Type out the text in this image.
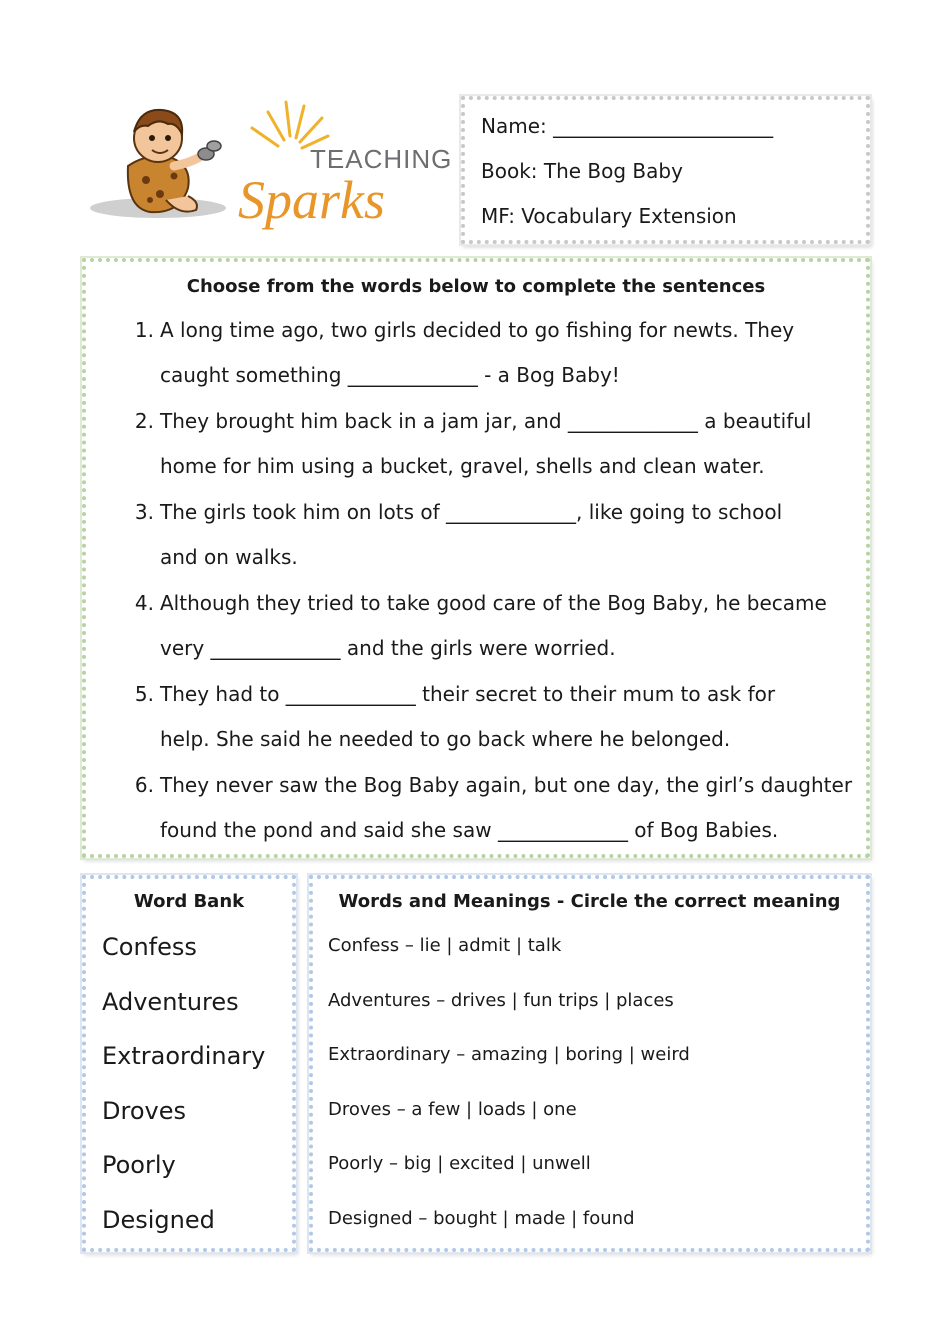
TEACHING
Sparks
Name: ______________________
Book: The Bog Baby
MF: Vocabulary Extension
Choose from the words below to complete the sentences
1. A long time ago, two girls decided to go fishing for newts. They
caught something _____________ - a Bog Baby!
2. They brought him back in a jam jar, and _____________ a beautiful
home for him using a bucket, gravel, shells and clean water.
3. The girls took him on lots of _____________, like going to school
and on walks.
4. Although they tried to take good care of the Bog Baby, he became
very _____________ and the girls were worried.
5. They had to _____________ their secret to their mum to ask for
help. She said he needed to go back where he belonged.
6. They never saw the Bog Baby again, but one day, the girl’s daughter
found the pond and said she saw _____________ of Bog Babies.
Word Bank
Confess
Adventures
Extraordinary
Droves
Poorly
Designed
Words and Meanings - Circle the correct meaning
Confess – lie | admit | talk
Adventures – drives | fun trips | places
Extraordinary – amazing | boring | weird
Droves – a few | loads | one
Poorly – big | excited | unwell
Designed – bought | made | found
